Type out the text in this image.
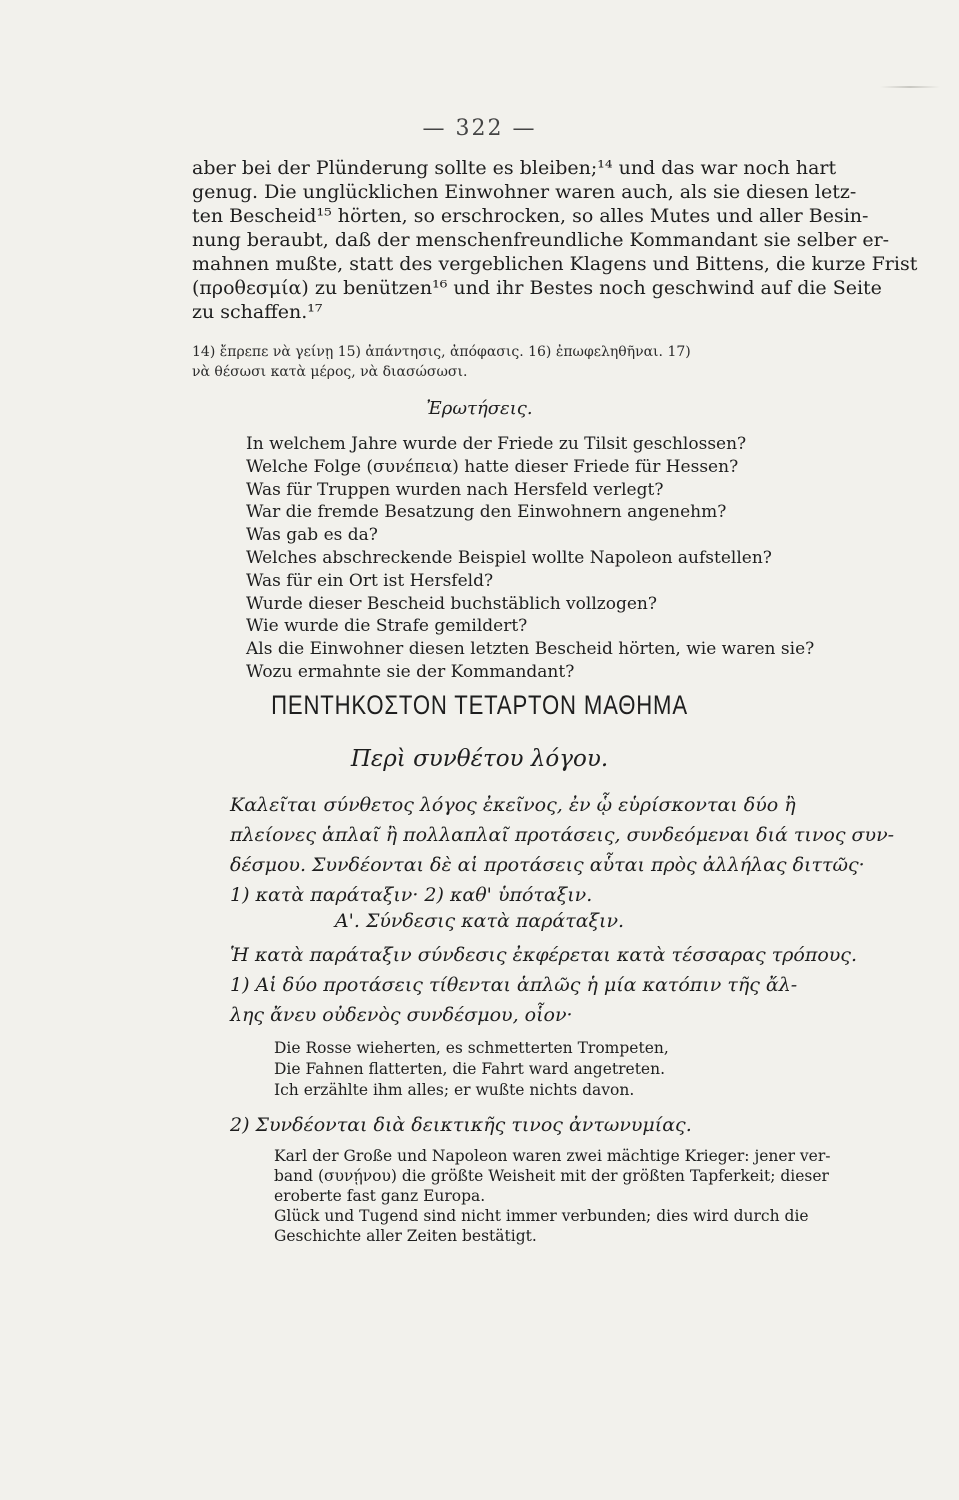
— 322 —
aber bei der Plünderung sollte es bleiben;¹⁴ und das war noch hart
genug. Die unglücklichen Einwohner waren auch, als sie diesen letz-
ten Bescheid¹⁵ hörten, so erschrocken, so alles Mutes und aller Besin-
nung beraubt, daß der menschenfreundliche Kommandant sie selber er-
mahnen mußte, statt des vergeblichen Klagens und Bittens, die kurze Frist
(προθεσμία) zu benützen¹⁶ und ihr Bestes noch geschwind auf die Seite
zu schaffen.¹⁷
14) ἔπρεπε νὰ γείνῃ 15) ἀπάντησις, ἀπόφασις. 16) ἐπωφεληθῆναι. 17)
νὰ θέσωσι κατὰ μέρος, νὰ διασώσωσι.
Ἐρωτήσεις.
In welchem Jahre wurde der Friede zu Tilsit geschlossen?
Welche Folge (συνέπεια) hatte dieser Friede für Hessen?
Was für Truppen wurden nach Hersfeld verlegt?
War die fremde Besatzung den Einwohnern angenehm?
Was gab es da?
Welches abschreckende Beispiel wollte Napoleon aufstellen?
Was für ein Ort ist Hersfeld?
Wurde dieser Bescheid buchstäblich vollzogen?
Wie wurde die Strafe gemildert?
Als die Einwohner diesen letzten Bescheid hörten, wie waren sie?
Wozu ermahnte sie der Kommandant?
ΠΕΝΤΗΚΟΣΤΟΝ ΤΕΤΑΡΤΟΝ ΜΑΘΗΜΑ
Περὶ συνθέτου λόγου.
Καλεῖται σύνθετος λόγος ἐκεῖνος, ἐν ᾧ εὑρίσκονται δύο ἢ
πλείονες ἁπλαῖ ἢ πολλαπλαῖ προτάσεις, συνδεόμεναι διά τινος συν-
δέσμου. Συνδέονται δὲ αἱ προτάσεις αὗται πρὸς ἀλλήλας διττῶς·
1) κατὰ παράταξιν· 2) καθ' ὑπόταξιν.
Α'. Σύνδεσις κατὰ παράταξιν.
Ἡ κατὰ παράταξιν σύνδεσις ἐκφέρεται κατὰ τέσσαρας τρόπους.
1) Αἱ δύο προτάσεις τίθενται ἁπλῶς ἡ μία κατόπιν τῆς ἄλ-
λης ἄνευ οὐδενὸς συνδέσμου, οἷον·
Die Rosse wieherten, es schmetterten Trompeten,
Die Fahnen flatterten, die Fahrt ward angetreten.
Ich erzählte ihm alles; er wußte nichts davon.
2) Συνδέονται διὰ δεικτικῆς τινος ἀντωνυμίας.
Karl der Große und Napoleon waren zwei mächtige Krieger: jener ver-
band (συνῄνου) die größte Weisheit mit der größten Tapferkeit; dieser
eroberte fast ganz Europa.
Glück und Tugend sind nicht immer verbunden; dies wird durch die
Geschichte aller Zeiten bestätigt.
